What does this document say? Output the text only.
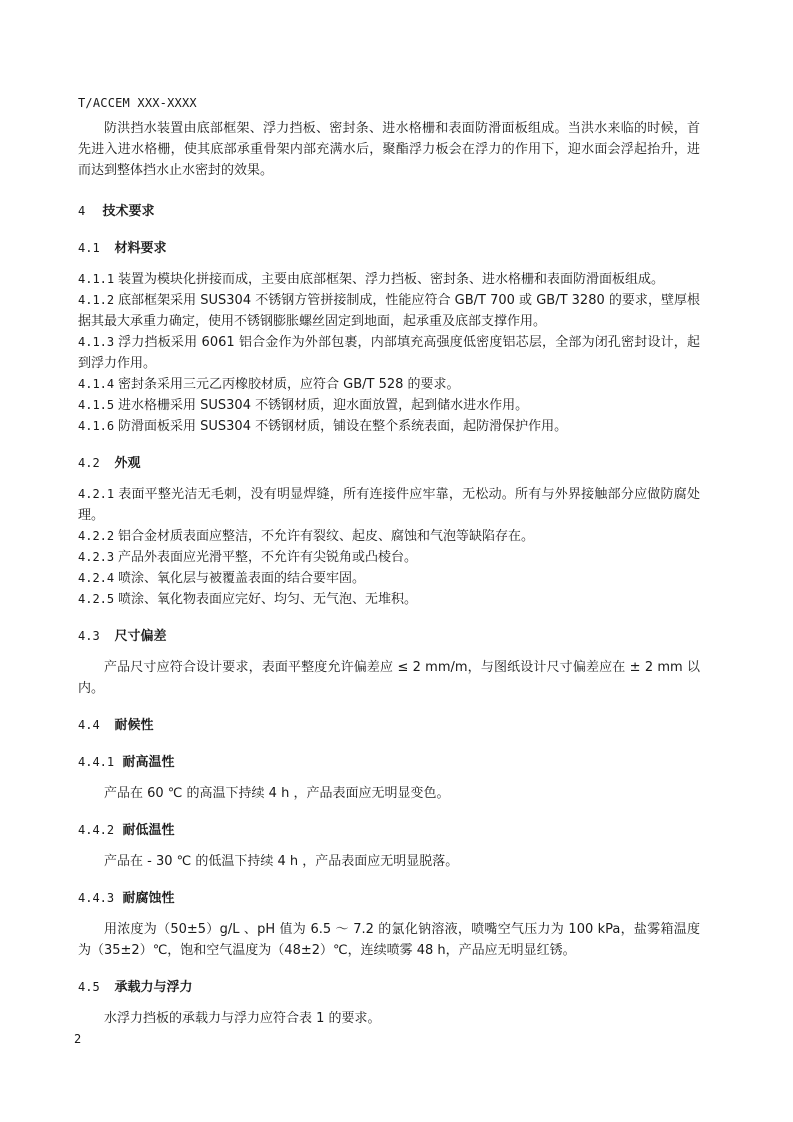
T/ACCEM XXX-XXXX

防洪挡水装置由底部框架、浮力挡板、密封条、进水格栅和表面防滑面板组成。当洪水来临的时候，首先进入进水格栅，使其底部承重骨架内部充满水后，聚酯浮力板会在浮力的作用下，迎水面会浮起抬升，进而达到整体挡水止水密封的效果。

4 技术要求

4.1 材料要求

4.1.1 装置为模块化拼接而成，主要由底部框架、浮力挡板、密封条、进水格栅和表面防滑面板组成。

4.1.2 底部框架采用 SUS304 不锈钢方管拼接制成，性能应符合 GB/T 700 或 GB/T 3280 的要求，壁厚根据其最大承重力确定，使用不锈钢膨胀螺丝固定到地面，起承重及底部支撑作用。

4.1.3 浮力挡板采用 6061 铝合金作为外部包裹，内部填充高强度低密度铝芯层，全部为闭孔密封设计，起到浮力作用。

4.1.4 密封条采用三元乙丙橡胶材质，应符合 GB/T 528 的要求。

4.1.5 进水格栅采用 SUS304 不锈钢材质，迎水面放置，起到储水进水作用。

4.1.6 防滑面板采用 SUS304 不锈钢材质，铺设在整个系统表面，起防滑保护作用。

4.2 外观

4.2.1 表面平整光洁无毛刺，没有明显焊缝，所有连接件应牢靠，无松动。所有与外界接触部分应做防腐处理。

4.2.2 铝合金材质表面应整洁，不允许有裂纹、起皮、腐蚀和气泡等缺陷存在。

4.2.3 产品外表面应光滑平整，不允许有尖锐角或凸棱台。

4.2.4 喷涂、氧化层与被覆盖表面的结合要牢固。

4.2.5 喷涂、氧化物表面应完好、均匀、无气泡、无堆积。

4.3 尺寸偏差

产品尺寸应符合设计要求，表面平整度允许偏差应 ≤ 2 mm/m，与图纸设计尺寸偏差应在 ± 2 mm 以内。

4.4 耐候性

4.4.1 耐高温性

产品在 60 ℃ 的高温下持续 4 h ，产品表面应无明显变色。

4.4.2 耐低温性

产品在 - 30 ℃ 的低温下持续 4 h ，产品表面应无明显脱落。

4.4.3 耐腐蚀性

用浓度为（50±5）g/L 、pH 值为 6.5 ～ 7.2 的氯化钠溶液，喷嘴空气压力为 100 kPa，盐雾箱温度为（35±2）℃，饱和空气温度为（48±2）℃，连续喷雾 48 h，产品应无明显红锈。

4.5 承载力与浮力

水浮力挡板的承载力与浮力应符合表 1 的要求。

2
